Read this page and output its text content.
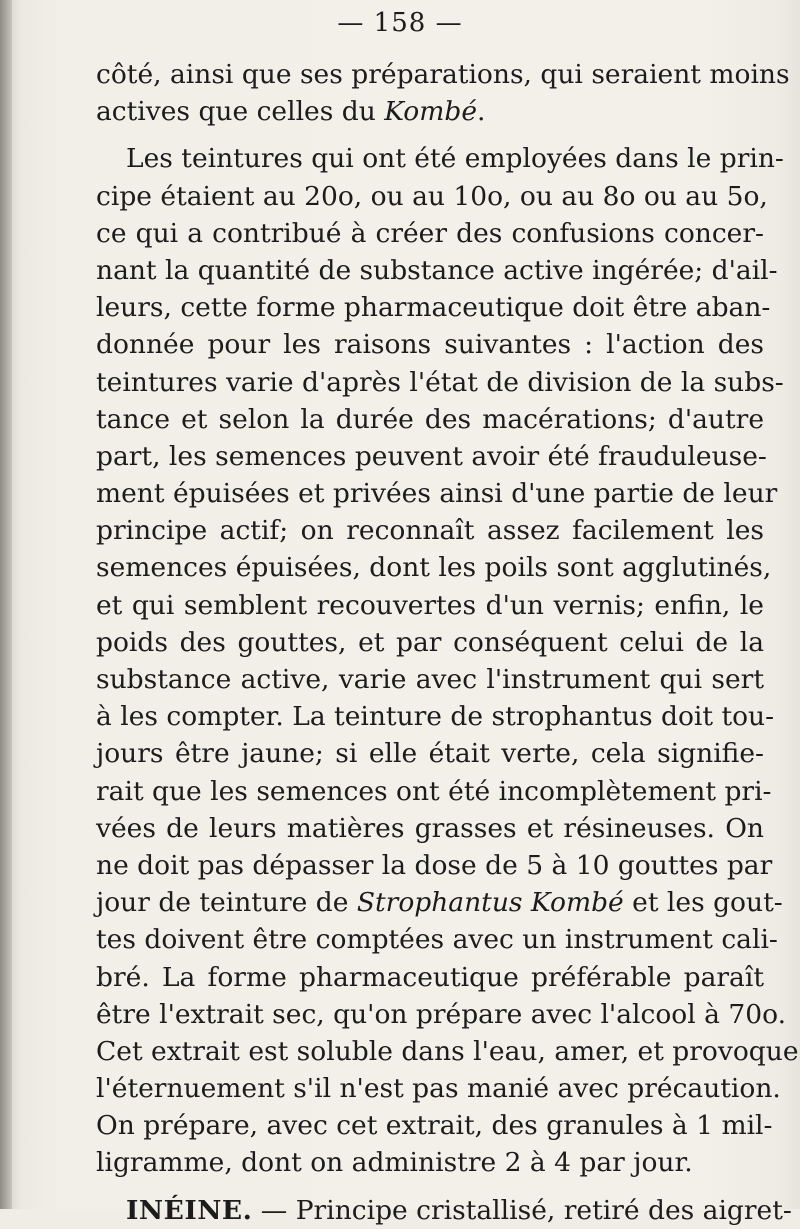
— 158 —
côté, ainsi que ses préparations, qui seraient moins
actives que celles du Kombé.
Les teintures qui ont été employées dans le prin-
cipe étaient au 20o, ou au 10o, ou au 8o ou au 5o,
ce qui a contribué à créer des confusions concer-
nant la quantité de substance active ingérée; d'ail-
leurs, cette forme pharmaceutique doit être aban-
donnée pour les raisons suivantes : l'action des
teintures varie d'après l'état de division de la subs-
tance et selon la durée des macérations; d'autre
part, les semences peuvent avoir été frauduleuse-
ment épuisées et privées ainsi d'une partie de leur
principe actif; on reconnaît assez facilement les
semences épuisées, dont les poils sont agglutinés,
et qui semblent recouvertes d'un vernis; enfin, le
poids des gouttes, et par conséquent celui de la
substance active, varie avec l'instrument qui sert
à les compter. La teinture de strophantus doit tou-
jours être jaune; si elle était verte, cela signifie-
rait que les semences ont été incomplètement pri-
vées de leurs matières grasses et résineuses. On
ne doit pas dépasser la dose de 5 à 10 gouttes par
jour de teinture de Strophantus Kombé et les gout-
tes doivent être comptées avec un instrument cali-
bré. La forme pharmaceutique préférable paraît
être l'extrait sec, qu'on prépare avec l'alcool à 70o.
Cet extrait est soluble dans l'eau, amer, et provoque
l'éternuement s'il n'est pas manié avec précaution.
On prépare, avec cet extrait, des granules à 1 mil-
ligramme, dont on administre 2 à 4 par jour.
INÉINE. — Principe cristallisé, retiré des aigret-
